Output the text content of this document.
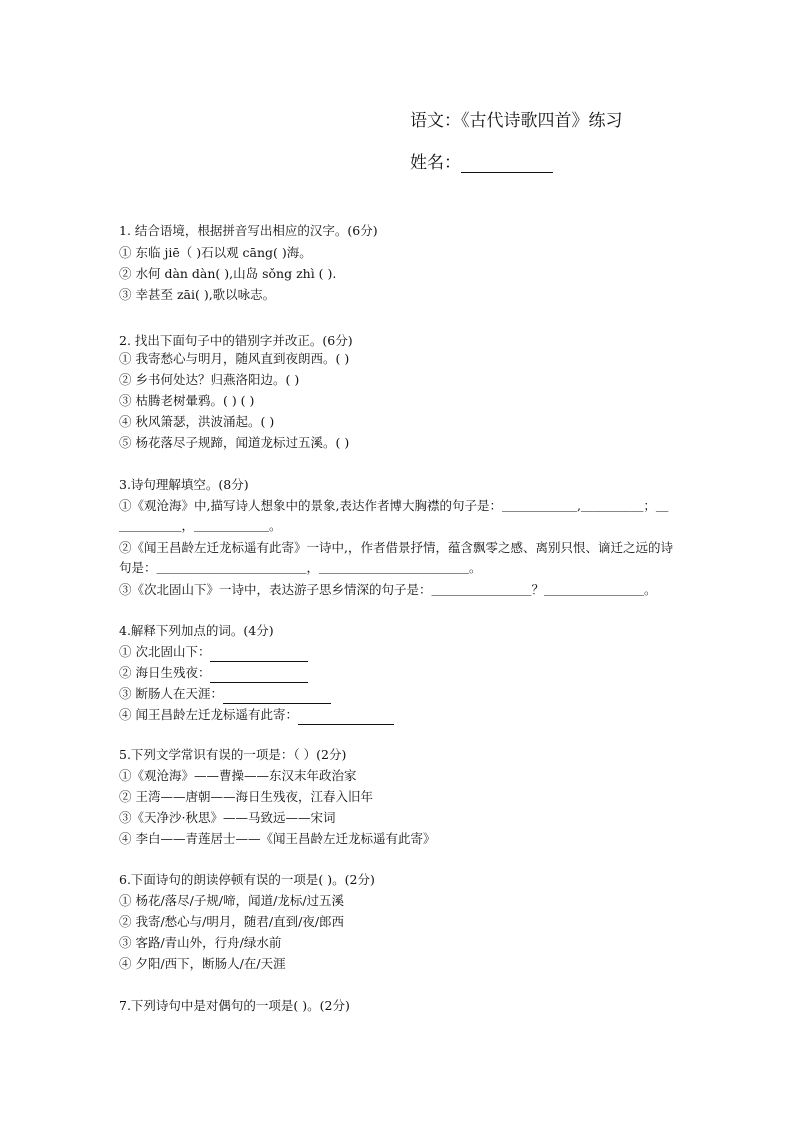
语文：《古代诗歌四首》练习
姓名：
1. 结合语境，根据拼音写出相应的汉字。(6分)
① 东临 jiē（ )石以观 cāng( )海。
② 水何 dàn dàn( ),山岛 sǒng zhì ( ).
③ 幸甚至 zāi( ),歌以咏志。
2. 找出下面句子中的错别字并改正。(6分)
① 我寄愁心与明月，随风直到夜朗西。( )
② 乡书何处达？归燕洛阳边。( )
③ 枯腾老树暈鸦。( ) ( )
④ 秋风箫瑟，洪波涌起。( )
⑤ 杨花落尽子规蹄，闻道龙标过五溪。( )
3.诗句理解填空。(8分)
①《观沧海》中,描写诗人想象中的景象,表达作者博大胸襟的句子是：＿＿＿＿＿＿,＿＿＿＿＿；＿＿＿＿＿＿，＿＿＿＿＿＿。
②《闻王昌龄左迁龙标遥有此寄》一诗中,，作者借景抒情，蕴含飘零之感、离别只恨、谪迁之远的诗句是：＿＿＿＿＿＿＿＿＿＿＿＿，＿＿＿＿＿＿＿＿＿＿＿＿。
③《次北固山下》一诗中，表达游子思乡情深的句子是：＿＿＿＿＿＿＿＿？＿＿＿＿＿＿＿＿。
4.解释下列加点的词。(4分)
① 次北固山下：
② 海日生残夜：
③ 断肠人在天涯：
④ 闻王昌龄左迁龙标遥有此寄：
5.下列文学常识有误的一项是：（ ）(2分)
①《观沧海》——曹操——东汉末年政治家
② 王湾——唐朝——海日生残夜，江春入旧年
③《天净沙·秋思》——马致远——宋词
④ 李白——青莲居士——《闻王昌龄左迁龙标遥有此寄》
6.下面诗句的朗读停顿有误的一项是( )。(2分)
① 杨花/落尽/子规/啼，闻道/龙标/过五溪
② 我寄/愁心与/明月，随君/直到/夜/郎西
③ 客路/青山外，行舟/绿水前
④ 夕阳/西下，断肠人/在/天涯
7.下列诗句中是对偶句的一项是( )。(2分)
